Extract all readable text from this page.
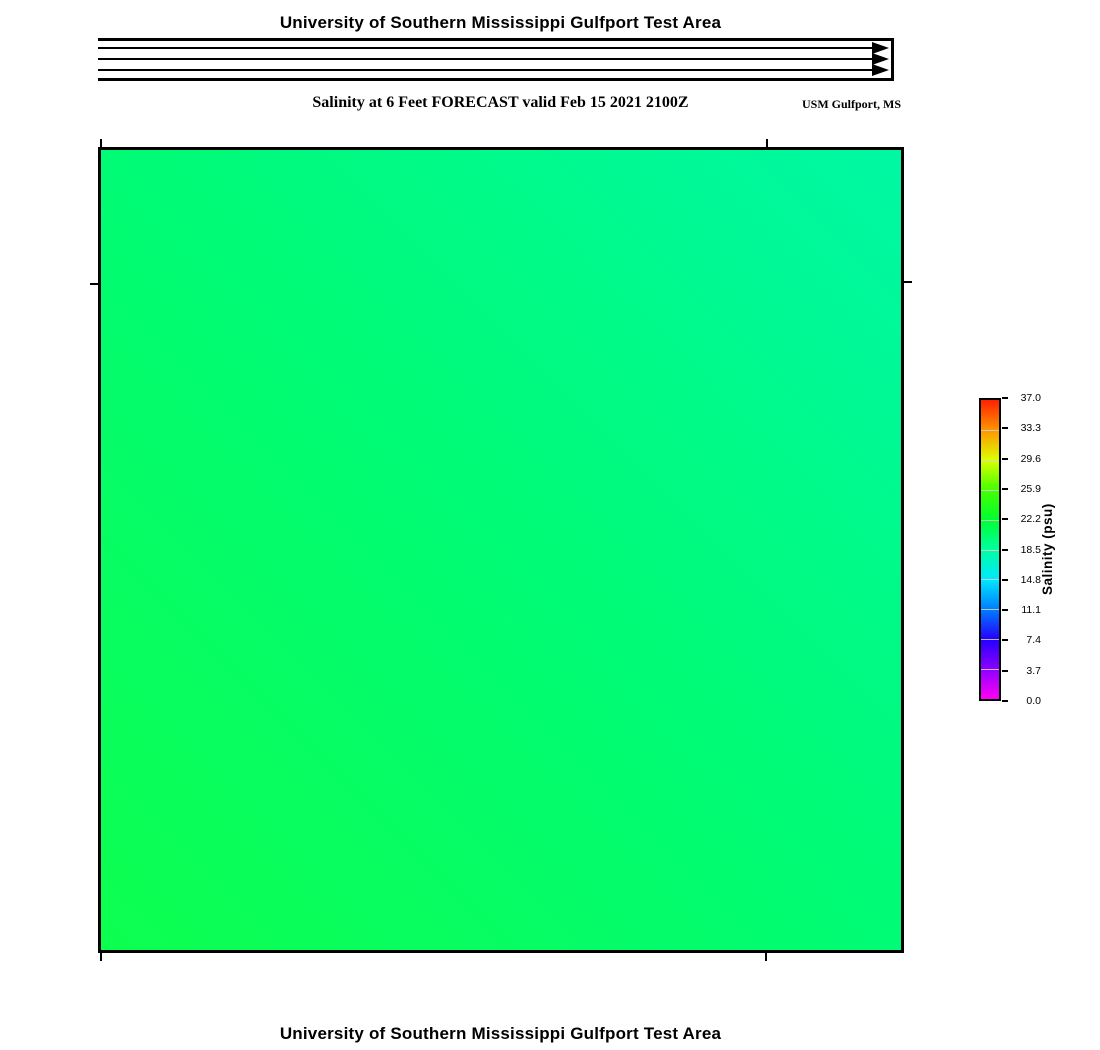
University of Southern Mississippi Gulfport Test Area
Salinity at 6 Feet FORECAST valid Feb 15 2021 2100Z	USM Gulfport, MS
37.0
33.3
29.6
25.9
22.2
18.5
14.8
11.1
7.4
3.7
0.0
Salinity (psu)
University of Southern Mississippi Gulfport Test Area
